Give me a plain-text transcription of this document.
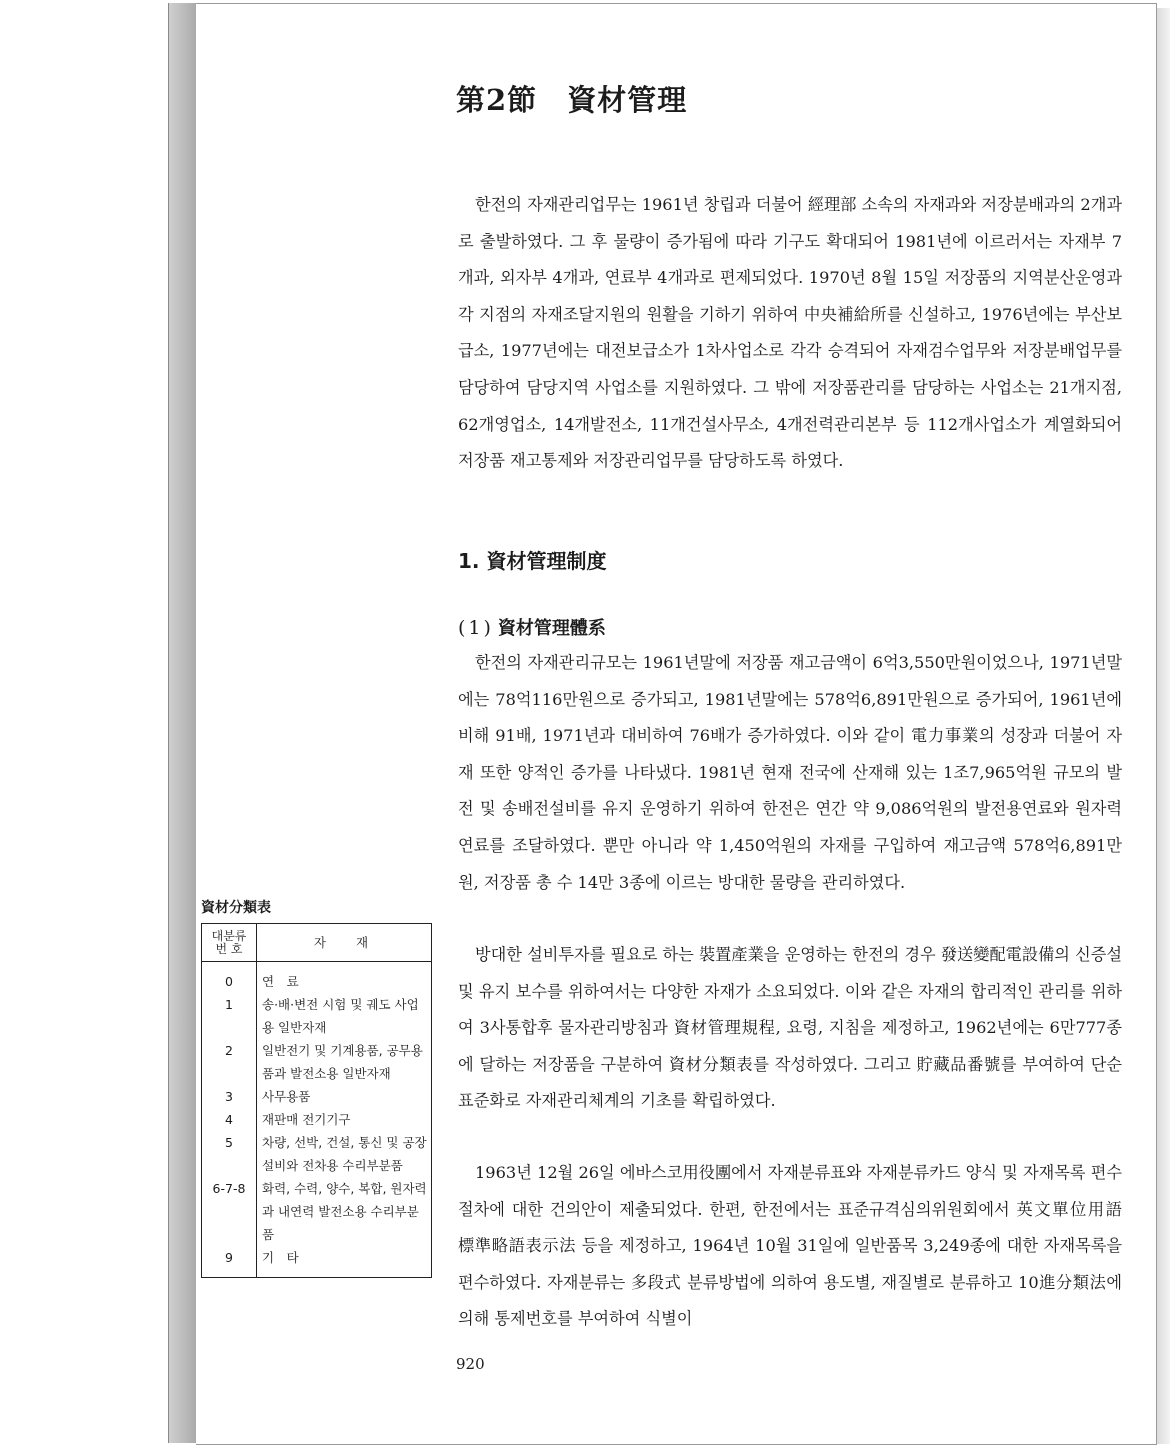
第2節 資材管理

한전의 자재관리업무는 1961년 창립과 더불어 經理部 소속의 자재과와 저장분배과의 2개과로 출발하였다. 그 후 물량이 증가됨에 따라 기구도 확대되어 1981년에 이르러서는 자재부 7개과, 외자부 4개과, 연료부 4개과로 편제되었다. 1970년 8월 15일 저장품의 지역분산운영과 각 지점의 자재조달지원의 원활을 기하기 위하여 中央補給所를 신설하고, 1976년에는 부산보급소, 1977년에는 대전보급소가 1차사업소로 각각 승격되어 자재검수업무와 저장분배업무를 담당하여 담당지역 사업소를 지원하였다. 그 밖에 저장품관리를 담당하는 사업소는 21개지점, 62개영업소, 14개발전소, 11개건설사무소, 4개전력관리본부 등 112개사업소가 계열화되어 저장품 재고통제와 저장관리업무를 담당하도록 하였다.

1. 資材管理制度
(1) 資材管理體系

한전의 자재관리규모는 1961년말에 저장품 재고금액이 6억3,550만원이었으나, 1971년말에는 78억116만원으로 증가되고, 1981년말에는 578억6,891만원으로 증가되어, 1961년에 비해 91배, 1971년과 대비하여 76배가 증가하였다. 이와 같이 電力事業의 성장과 더불어 자재 또한 양적인 증가를 나타냈다. 1981년 현재 전국에 산재해 있는 1조7,965억원 규모의 발전 및 송배전설비를 유지 운영하기 위하여 한전은 연간 약 9,086억원의 발전용연료와 원자력연료를 조달하였다. 뿐만 아니라 약 1,450억원의 자재를 구입하여 재고금액 578억6,891만원, 저장품 총 수 14만 3종에 이르는 방대한 물량을 관리하였다.

방대한 설비투자를 필요로 하는 裝置產業을 운영하는 한전의 경우 發送變配電設備의 신증설 및 유지 보수를 위하여서는 다양한 자재가 소요되었다. 이와 같은 자재의 합리적인 관리를 위하여 3사통합후 물자관리방침과 資材管理規程, 요령, 지침을 제정하고, 1962년에는 6만777종에 달하는 저장품을 구분하여 資材分類表를 작성하였다. 그리고 貯藏品番號를 부여하여 단순표준화로 자재관리체계의 기초를 확립하였다.

1963년 12월 26일 에바스코用役團에서 자재분류표와 자재분류카드 양식 및 자재목록 편수절차에 대한 건의안이 제출되었다. 한편, 한전에서는 표준규격심의위원회에서 英文單位用語 標準略語表示法 등을 제정하고, 1964년 10월 31일에 일반품목 3,249종에 대한 자재목록을 편수하였다. 자재분류는 多段式 분류방법에 의하여 용도별, 재질별로 분류하고 10進分類法에 의해 통제번호를 부여하여 식별이

資材分類表
대분류
번 호	자재
0	연　료
1	송·배·변전 시험 및 궤도 사업용 일반자재
2	일반전기 및 기계용품, 공무용품과 발전소용 일반자재
3	사무용품
4	재판매 전기기구
5	차량, 선박, 건설, 통신 및 공장 설비와 전차용 수리부분품
6-7-8	화력, 수력, 양수, 복합, 원자력과 내연력 발전소용 수리부분품
9	기　타
920
